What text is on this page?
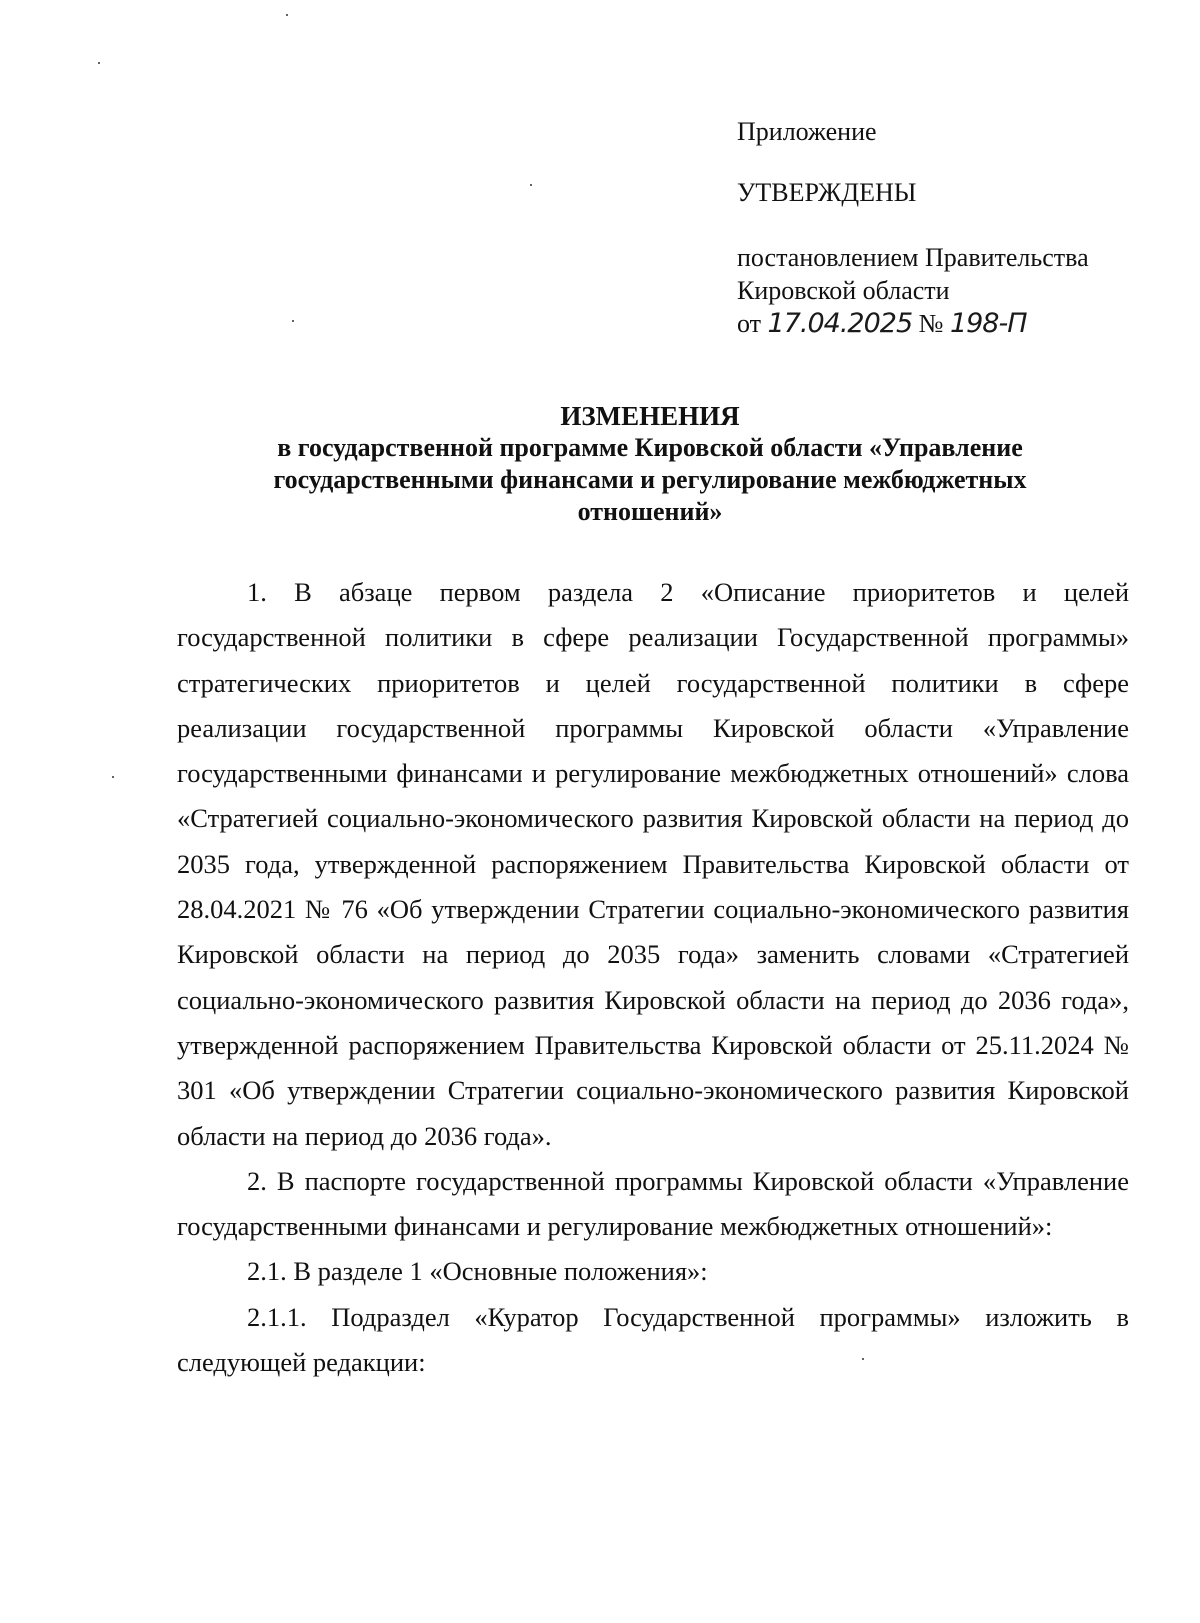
Приложение
УТВЕРЖДЕНЫ
постановлением Правительства
Кировской области
от 17.04.2025 № 198-П
ИЗМЕНЕНИЯ
в государственной программе Кировской области «Управление
государственными финансами и регулирование межбюджетных
отношений»

1. В абзаце первом раздела 2 «Описание приоритетов и целей государственной политики в сфере реализации Государственной программы» стратегических приоритетов и целей государственной политики в сфере реализации государственной программы Кировской области «Управление государственными финансами и регулирование межбюджетных отношений» слова «Стратегией социально-экономического развития Кировской области на период до 2035 года, утвержденной распоряжением Правительства Кировской области от 28.04.2021 № 76 «Об утверждении Стратегии социально-экономического развития Кировской области на период до 2035 года» заменить словами «Стратегией социально-экономического развития Кировской области на период до 2036 года», утвержденной распоряжением Правительства Кировской области от 25.11.2024 № 301 «Об утверждении Стратегии социально-экономического развития Кировской области на период до 2036 года».

2. В паспорте государственной программы Кировской области «Управление государственными финансами и регулирование межбюджетных отношений»:

2.1. В разделе 1 «Основные положения»:

2.1.1. Подраздел «Куратор Государственной программы» изложить в следующей редакции:
